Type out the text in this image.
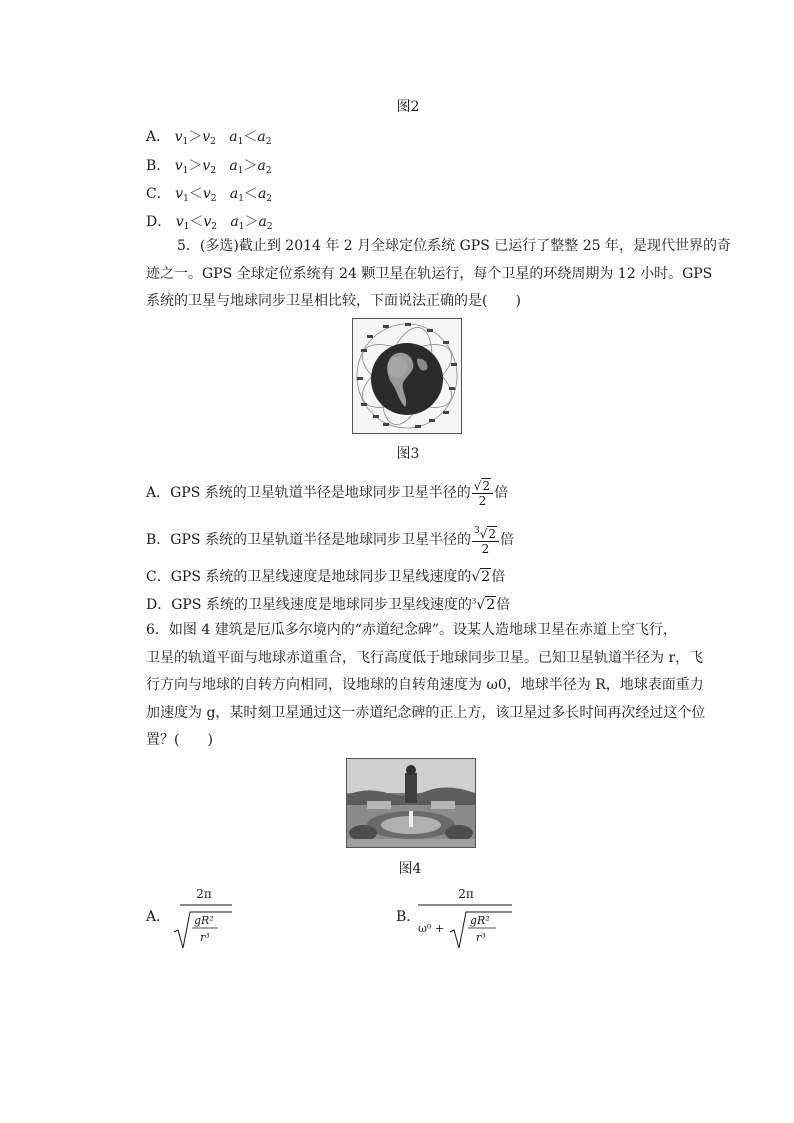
图2
A． $v_1>v_2$ $a_1<a_2$
B． $v_1>v_2$ $a_1>a_2$
C． $v_1<v_2$ $a_1<a_2$
D． $v_1<v_2$ $a_1>a_2$
5．(多选)截止到 2014 年 2 月全球定位系统 GPS 已运行了整整 25 年，是现代世界的奇
迹之一。GPS 全球定位系统有 24 颗卫星在轨运行，每个卫星的环绕周期为 12 小时。GPS
系统的卫星与地球同步卫星相比较，下面说法正确的是(　　)
图3
A．GPS 系统的卫星轨道半径是地球同步卫星半径的 $\frac{√2}{2}$ 倍
B．GPS 系统的卫星轨道半径是地球同步卫星半径的 $\frac{^3√2}{2}$ 倍
C．GPS 系统的卫星线速度是地球同步卫星线速度的√2倍
D．GPS 系统的卫星线速度是地球同步卫星线速度的$^3$√2倍
6．如图 4 建筑是厄瓜多尔境内的“赤道纪念碑”。设某人造地球卫星在赤道上空飞行，
卫星的轨道平面与地球赤道重合，飞行高度低于地球同步卫星。已知卫星轨道半径为 r，飞
行方向与地球的自转方向相同，设地球的自转角速度为 ω0，地球半径为 R，地球表面重力
加速度为 g，某时刻卫星通过这一赤道纪念碑的正上方，该卫星过多长时间再次经过这个位
置？(　　)
图4
A．
2π
gR²
r³
B．
2π
ω⁰ +
gR²
r³
